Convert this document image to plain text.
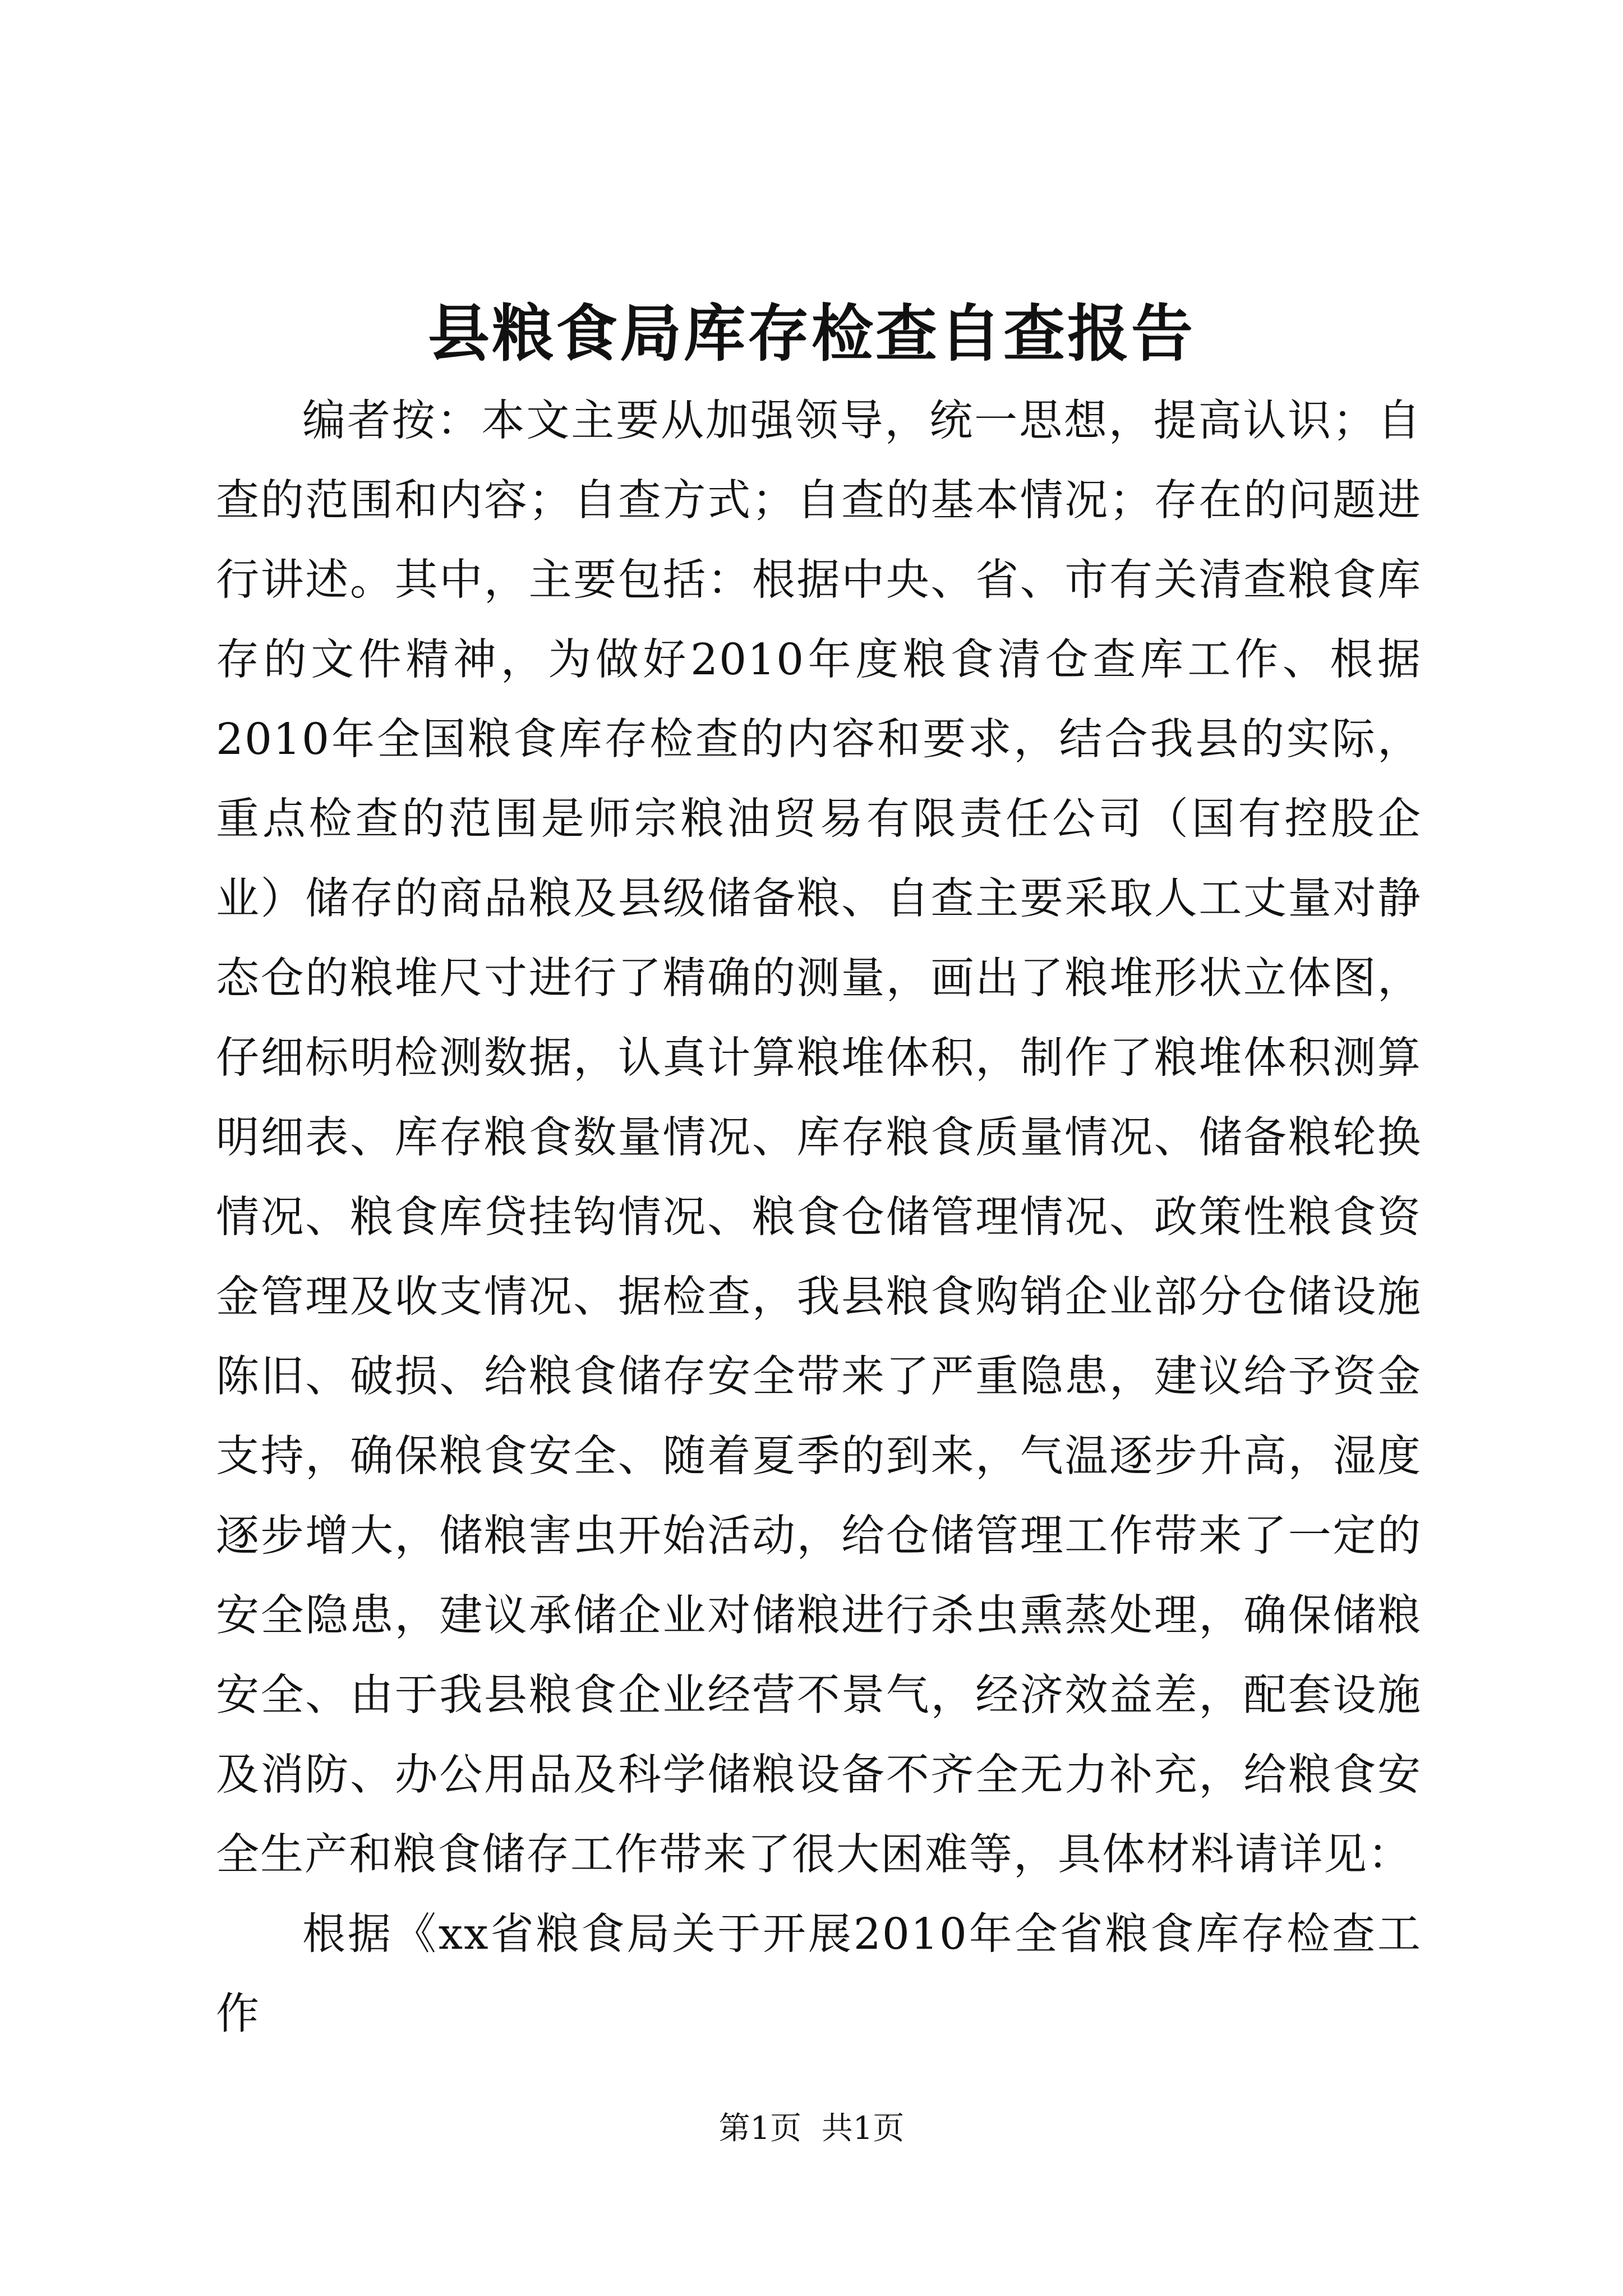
县粮食局库存检查自查报告

编者按：本文主要从加强领导，统一思想，提高认识；自查的范围和内容；自查方式；自查的基本情况；存在的问题进行讲述。其中，主要包括：根据中央、省、市有关清查粮食库存的文件精神，为做好2010年度粮食清仓查库工作、根据2010年全国粮食库存检查的内容和要求，结合我县的实际，重点检查的范围是师宗粮油贸易有限责任公司（国有控股企业）储存的商品粮及县级储备粮、自查主要采取人工丈量对静态仓的粮堆尺寸进行了精确的测量，画出了粮堆形状立体图，仔细标明检测数据，认真计算粮堆体积，制作了粮堆体积测算明细表、库存粮食数量情况、库存粮食质量情况、储备粮轮换情况、粮食库贷挂钩情况、粮食仓储管理情况、政策性粮食资金管理及收支情况、据检查，我县粮食购销企业部分仓储设施陈旧、破损、给粮食储存安全带来了严重隐患，建议给予资金支持，确保粮食安全、随着夏季的到来，气温逐步升高，湿度逐步增大，储粮害虫开始活动，给仓储管理工作带来了一定的安全隐患，建议承储企业对储粮进行杀虫熏蒸处理，确保储粮安全、由于我县粮食企业经营不景气，经济效益差，配套设施及消防、办公用品及科学储粮设备不齐全无力补充，给粮食安全生产和粮食储存工作带来了很大困难等，具体材料请详见：

根据《xx省粮食局关于开展2010年全省粮食库存检查工作

第1页 共1页
